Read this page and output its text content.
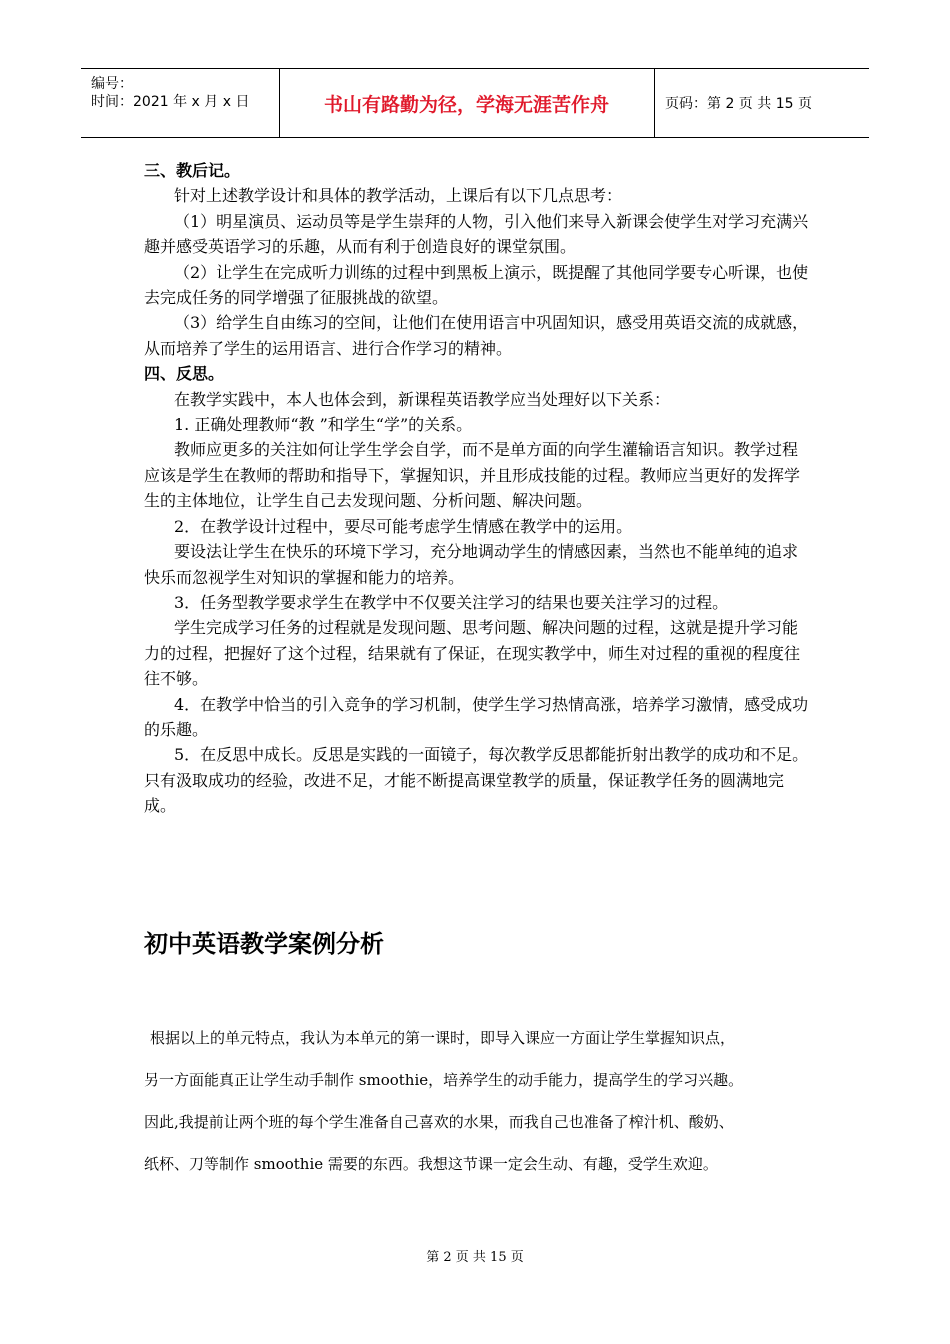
编号：
时间：2021 年 x 月 x 日	书山有路勤为径，学海无涯苦作舟	页码：第 2 页 共 15 页

三、教后记。

针对上述教学设计和具体的教学活动，上课后有以下几点思考：

（1）明星演员、运动员等是学生崇拜的人物，引入他们来导入新课会使学生对学习充满兴趣并感受英语学习的乐趣，从而有利于创造良好的课堂氛围。

（2）让学生在完成听力训练的过程中到黑板上演示，既提醒了其他同学要专心听课，也使去完成任务的同学增强了征服挑战的欲望。

（3）给学生自由练习的空间，让他们在使用语言中巩固知识，感受用英语交流的成就感，从而培养了学生的运用语言、进行合作学习的精神。

四、反思。

在教学实践中，本人也体会到，新课程英语教学应当处理好以下关系：

1. 正确处理教师“教 ”和学生“学”的关系。

教师应更多的关注如何让学生学会自学，而不是单方面的向学生灌输语言知识。教学过程应该是学生在教师的帮助和指导下，掌握知识，并且形成技能的过程。教师应当更好的发挥学生的主体地位，让学生自己去发现问题、分析问题、解决问题。

2．在教学设计过程中，要尽可能考虑学生情感在教学中的运用。

要设法让学生在快乐的环境下学习，充分地调动学生的情感因素，当然也不能单纯的追求快乐而忽视学生对知识的掌握和能力的培养。

3．任务型教学要求学生在教学中不仅要关注学习的结果也要关注学习的过程。

学生完成学习任务的过程就是发现问题、思考问题、解决问题的过程，这就是提升学习能力的过程，把握好了这个过程，结果就有了保证，在现实教学中，师生对过程的重视的程度往往不够。

4．在教学中恰当的引入竞争的学习机制，使学生学习热情高涨，培养学习激情，感受成功的乐趣。

5．在反思中成长。反思是实践的一面镜子，每次教学反思都能折射出教学的成功和不足。只有汲取成功的经验，改进不足，才能不断提高课堂教学的质量，保证教学任务的圆满地完成。

初中英语教学案例分析

根据以上的单元特点，我认为本单元的第一课时，即导入课应一方面让学生掌握知识点，

另一方面能真正让学生动手制作 smoothie，培养学生的动手能力，提高学生的学习兴趣。

因此,我提前让两个班的每个学生准备自己喜欢的水果，而我自己也准备了榨汁机、酸奶、

纸杯、刀等制作 smoothie 需要的东西。我想这节课一定会生动、有趣，受学生欢迎。

第 2 页 共 15 页
